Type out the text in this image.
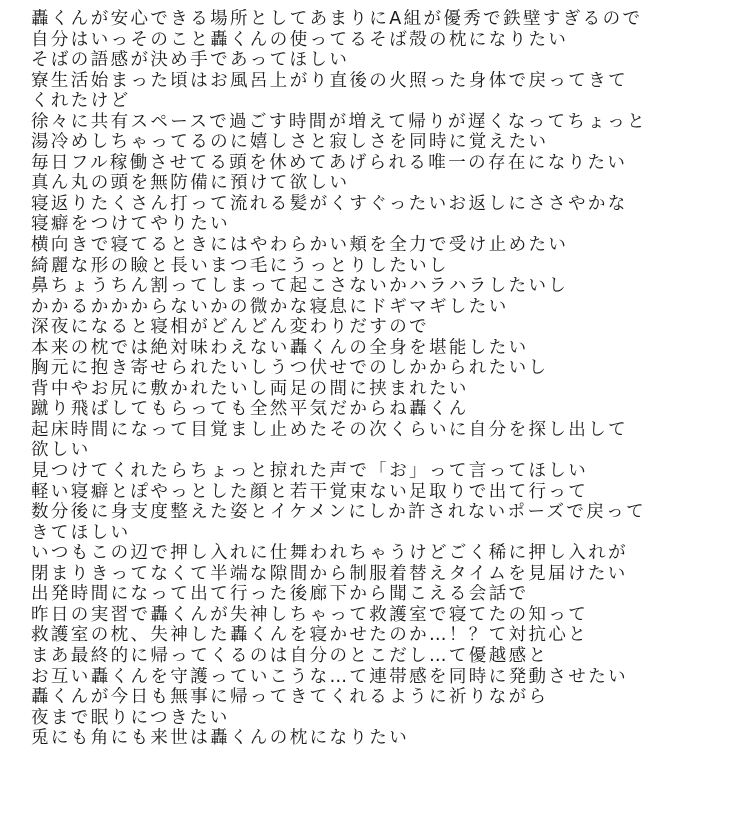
轟くんが安心できる場所としてあまりにA組が優秀で鉄壁すぎるので
自分はいっそのこと轟くんの使ってるそば殻の枕になりたい
そばの語感が決め手であってほしい
寮生活始まった頃はお風呂上がり直後の火照った身体で戻ってきて
くれたけど
徐々に共有スペースで過ごす時間が増えて帰りが遅くなってちょっと
湯冷めしちゃってるのに嬉しさと寂しさを同時に覚えたい
毎日フル稼働させてる頭を休めてあげられる唯一の存在になりたい
真ん丸の頭を無防備に預けて欲しい
寝返りたくさん打って流れる髪がくすぐったいお返しにささやかな
寝癖をつけてやりたい
横向きで寝てるときにはやわらかい頬を全力で受け止めたい
綺麗な形の瞼と長いまつ毛にうっとりしたいし
鼻ちょうちん割ってしまって起こさないかハラハラしたいし
かかるかかからないかの微かな寝息にドギマギしたい
深夜になると寝相がどんどん変わりだすので
本来の枕では絶対味わえない轟くんの全身を堪能したい
胸元に抱き寄せられたいしうつ伏せでのしかかられたいし
背中やお尻に敷かれたいし両足の間に挟まれたい
蹴り飛ばしてもらっても全然平気だからね轟くん
起床時間になって目覚まし止めたその次くらいに自分を探し出して
欲しい
見つけてくれたらちょっと掠れた声で「お」って言ってほしい
軽い寝癖とぽやっとした顔と若干覚束ない足取りで出て行って
数分後に身支度整えた姿とイケメンにしか許されないポーズで戻って
きてほしい
いつもこの辺で押し入れに仕舞われちゃうけどごく稀に押し入れが
閉まりきってなくて半端な隙間から制服着替えタイムを見届けたい
出発時間になって出て行った後廊下から聞こえる会話で
昨日の実習で轟くんが失神しちゃって救護室で寝てたの知って
救護室の枕、失神した轟くんを寝かせたのか…！？て対抗心と
まあ最終的に帰ってくるのは自分のとこだし…て優越感と
お互い轟くんを守護っていこうな…て連帯感を同時に発動させたい
轟くんが今日も無事に帰ってきてくれるように祈りながら
夜まで眠りにつきたい
兎にも角にも来世は轟くんの枕になりたい
